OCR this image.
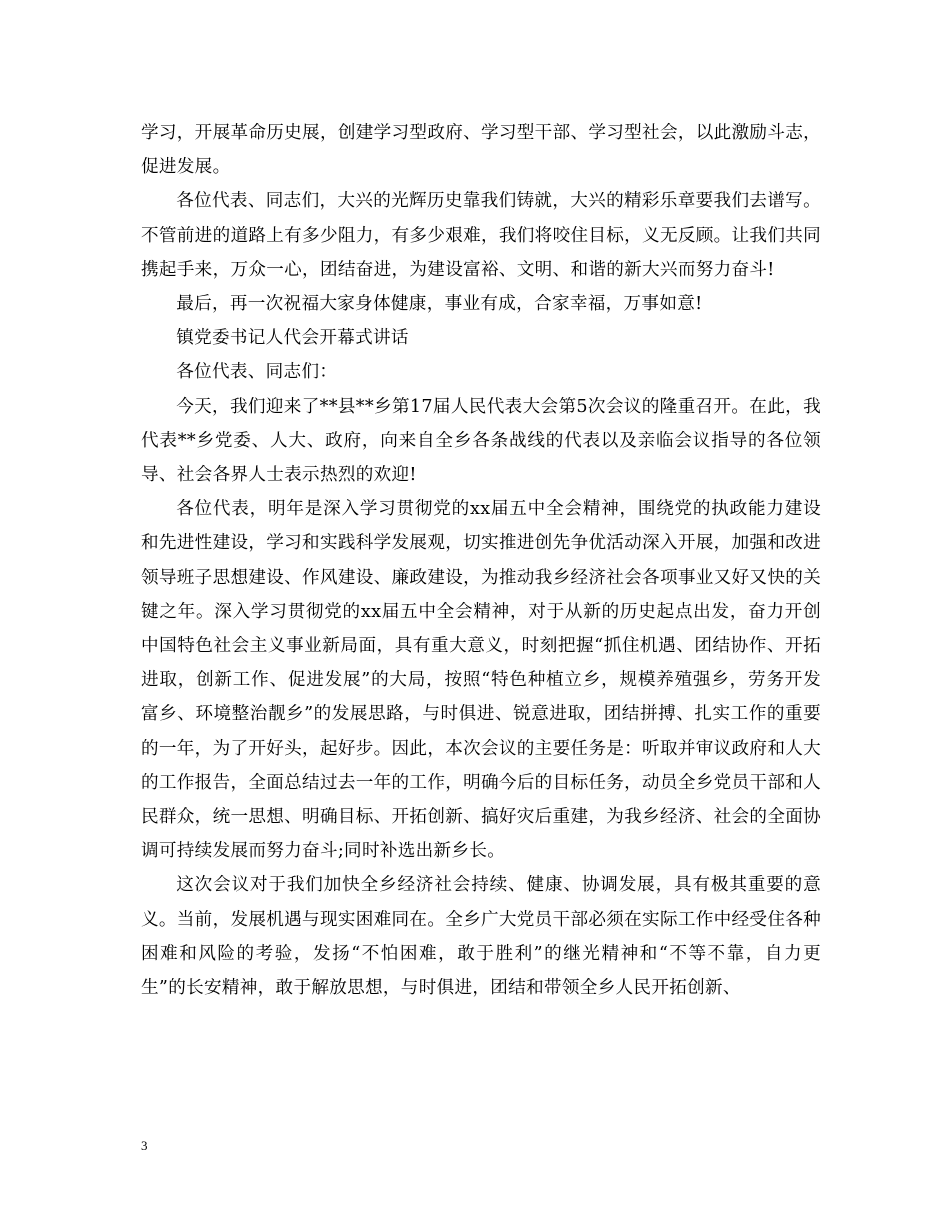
学习，开展革命历史展，创建学习型政府、学习型干部、学习型社会，以此激励斗志，促进发展。

各位代表、同志们，大兴的光辉历史靠我们铸就，大兴的精彩乐章要我们去谱写。不管前进的道路上有多少阻力，有多少艰难，我们将咬住目标，义无反顾。让我们共同携起手来，万众一心，团结奋进，为建设富裕、文明、和谐的新大兴而努力奋斗!

最后，再一次祝福大家身体健康，事业有成，合家幸福，万事如意!

镇党委书记人代会开幕式讲话

各位代表、同志们：

今天，我们迎来了**县**乡第17届人民代表大会第5次会议的隆重召开。在此，我代表**乡党委、人大、政府，向来自全乡各条战线的代表以及亲临会议指导的各位领导、社会各界人士表示热烈的欢迎!

各位代表，明年是深入学习贯彻党的xx届五中全会精神，围绕党的执政能力建设和先进性建设，学习和实践科学发展观，切实推进创先争优活动深入开展，加强和改进领导班子思想建设、作风建设、廉政建设，为推动我乡经济社会各项事业又好又快的关键之年。深入学习贯彻党的xx届五中全会精神，对于从新的历史起点出发，奋力开创中国特色社会主义事业新局面，具有重大意义，时刻把握“抓住机遇、团结协作、开拓进取，创新工作、促进发展”的大局，按照“特色种植立乡，规模养殖强乡，劳务开发富乡、环境整治靓乡”的发展思路，与时俱进、锐意进取，团结拼搏、扎实工作的重要的一年，为了开好头，起好步。因此，本次会议的主要任务是：听取并审议政府和人大的工作报告，全面总结过去一年的工作，明确今后的目标任务，动员全乡党员干部和人民群众，统一思想、明确目标、开拓创新、搞好灾后重建，为我乡经济、社会的全面协调可持续发展而努力奋斗;同时补选出新乡长。

这次会议对于我们加快全乡经济社会持续、健康、协调发展，具有极其重要的意义。当前，发展机遇与现实困难同在。全乡广大党员干部必须在实际工作中经受住各种困难和风险的考验，发扬“不怕困难，敢于胜利”的继光精神和“不等不靠，自力更生”的长安精神，敢于解放思想，与时俱进，团结和带领全乡人民开拓创新、

3
